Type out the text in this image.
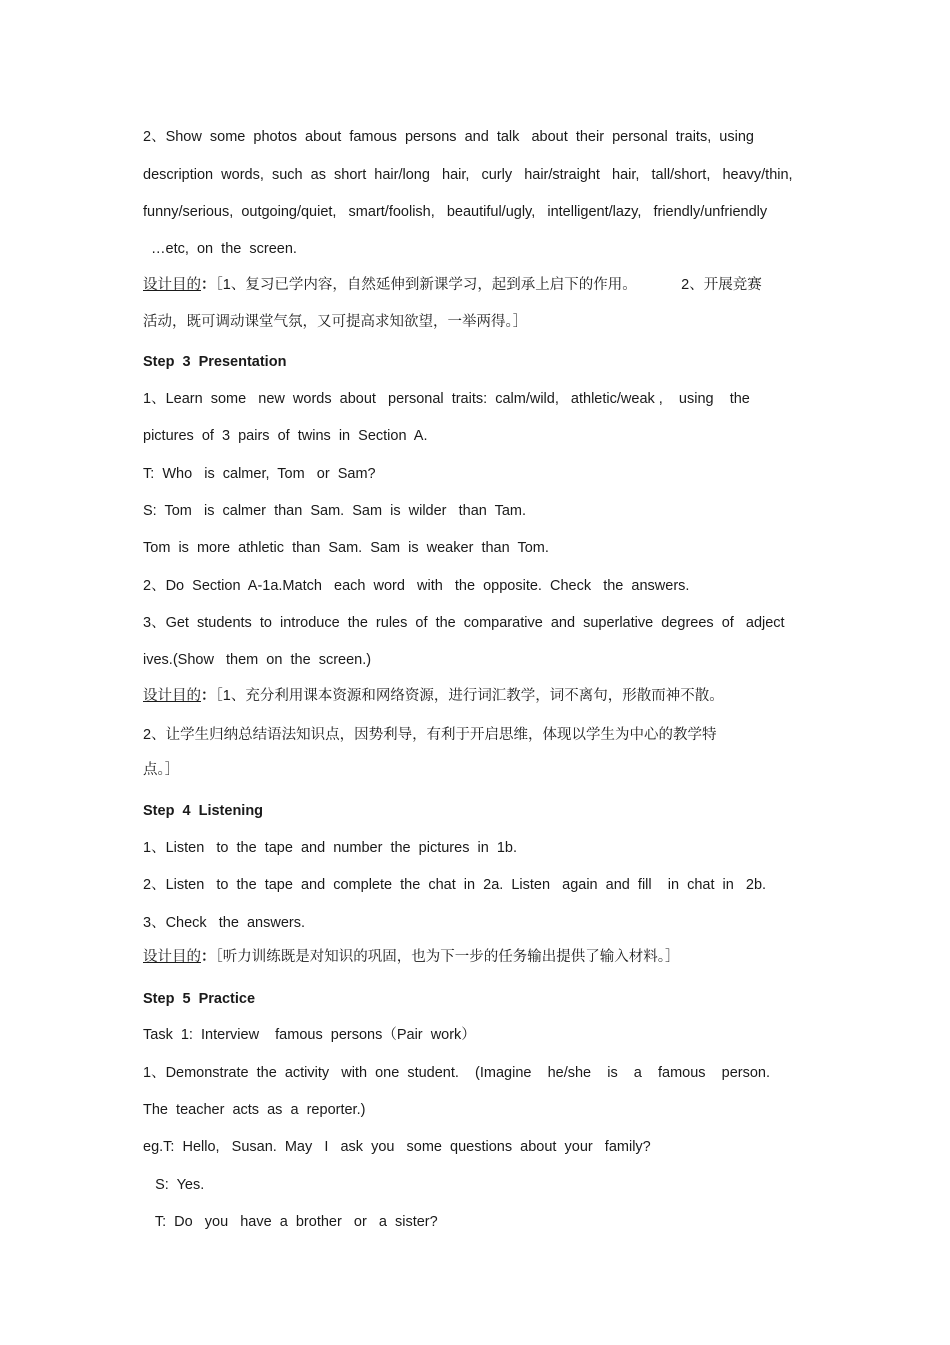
2、Show  some  photos  about  famous  persons  and  talk   about  their  personal  traits,  using
description  words,  such  as  short  hair/long   hair,   curly   hair/straight   hair,   tall/short,   heavy/thin,
funny/serious,  outgoing/quiet,   smart/foolish,   beautiful/ugly,   intelligent/lazy,   friendly/unfriendly
…etc,  on  the  screen.
设计目的：［1、复习已学内容，自然延伸到新课学习，起到承上启下的作用。           2、开展竞赛
活动，既可调动课堂气氛，又可提高求知欲望，一举两得。］
Step  3  Presentation
1、Learn  some   new  words  about   personal  traits:  calm/wild,   athletic/weak ,    using    the
pictures  of  3  pairs  of  twins  in  Section  A.
T:  Who   is  calmer,  Tom   or  Sam?
S:  Tom   is  calmer  than  Sam.  Sam  is  wilder   than  Tam.
Tom  is  more  athletic  than  Sam.  Sam  is  weaker  than  Tom.
2、Do  Section  A-1a.Match   each  word   with   the  opposite.  Check   the  answers.
3、Get  students  to  introduce  the  rules  of  the  comparative  and  superlative  degrees  of   adject
ives.(Show   them  on  the  screen.)
设计目的：［1、充分利用课本资源和网络资源，进行词汇教学，词不离句，形散而神不散。
2、让学生归纳总结语法知识点，因势利导，有利于开启思维，体现以学生为中心的教学特
点。］
Step  4  Listening
1、Listen   to  the  tape  and  number  the  pictures  in  1b.
2、Listen   to  the  tape  and  complete  the  chat  in  2a.  Listen   again  and  fill    in  chat  in   2b.
3、Check   the  answers.
设计目的：［听力训练既是对知识的巩固，也为下一步的任务输出提供了输入材料。］
Step  5  Practice
Task  1:  Interview    famous  persons（Pair  work）
1、Demonstrate  the  activity   with  one  student.    (Imagine    he/she    is    a    famous    person.
The  teacher  acts  as  a  reporter.)
eg.T:  Hello,   Susan.  May   I   ask  you   some  questions  about  your   family?
S:  Yes.
T:  Do   you   have  a  brother   or   a  sister?
